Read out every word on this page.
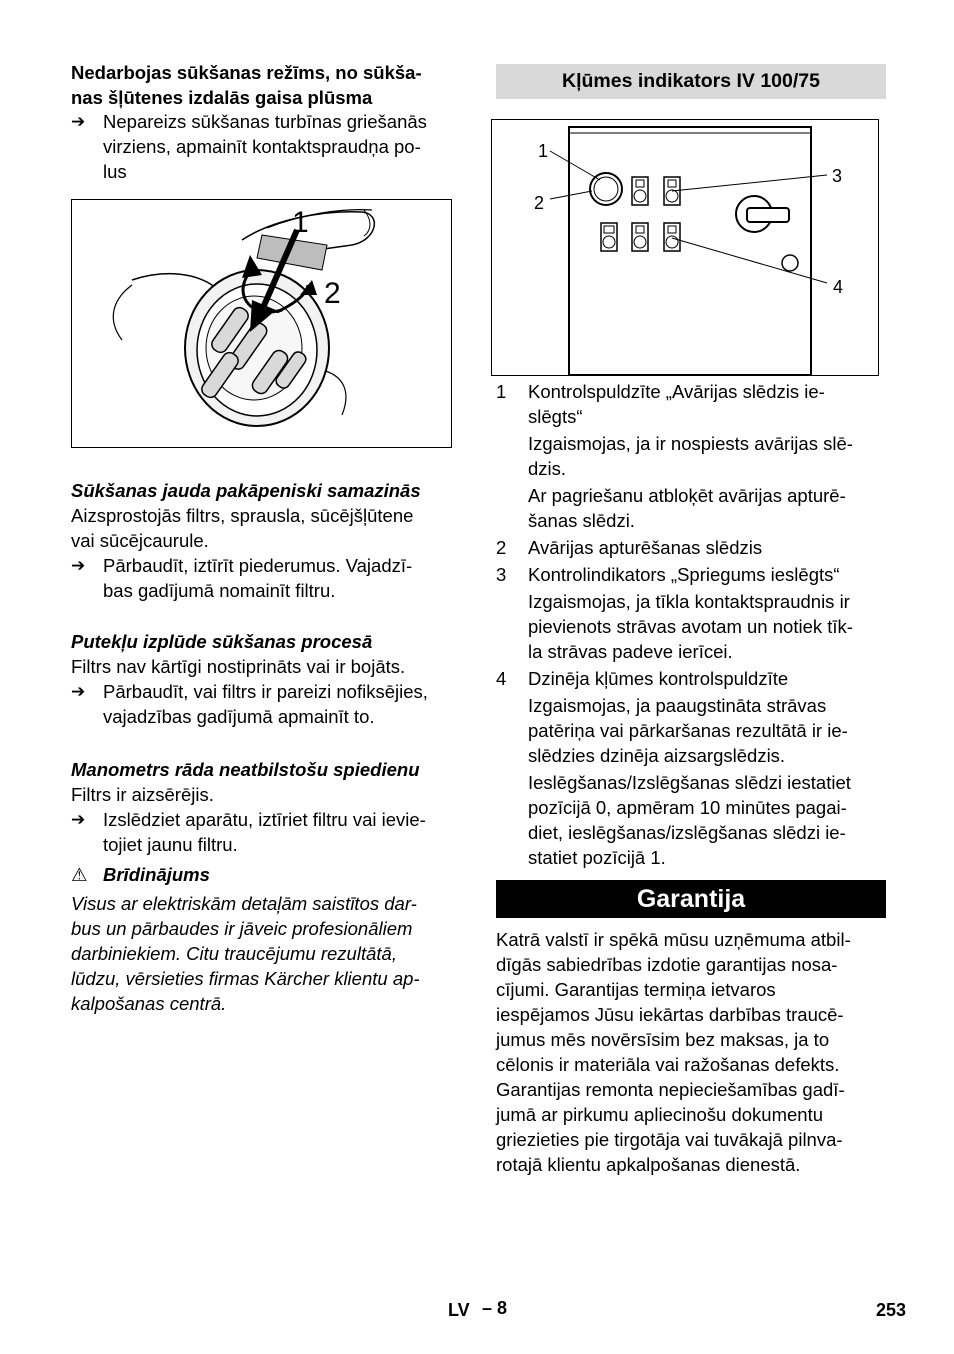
Nedarbojas sūkšanas režīms, no sūkša-
nas šļūtenes izdalās gaisa plūsma
➔ Nepareizs sūkšanas turbīnas griešanās
virziens, apmainīt kontaktspraudņa po-
lus
1
2
Sūkšanas jauda pakāpeniski samazinās
Aizsprostojās filtrs, sprausla, sūcējšļūtene
vai sūcējcaurule.
➔ Pārbaudīt, iztīrīt piederumus. Vajadzī-
bas gadījumā nomainīt filtru.
Putekļu izplūde sūkšanas procesā
Filtrs nav kārtīgi nostiprināts vai ir bojāts.
➔ Pārbaudīt, vai filtrs ir pareizi nofiksējies,
vajadzības gadījumā apmainīt to.
Manometrs rāda neatbilstošu spiedienu
Filtrs ir aizsērējis.
➔ Izslēdziet aparātu, iztīriet filtru vai ievie-
tojiet jaunu filtru.
⚠ Brīdinājums
Visus ar elektriskām detaļām saistītos dar-
bus un pārbaudes ir jāveic profesionāliem
darbiniekiem. Citu traucējumu rezultātā,
lūdzu, vērsieties firmas Kärcher klientu ap-
kalpošanas centrā.
Kļūmes indikators IV 100/75
1
2
3
4
1	Kontrolspuldzīte „Avārijas slēdzis ie-
slēgts“
Izgaismojas, ja ir nospiests avārijas slē-
dzis.
Ar pagriešanu atbloķēt avārijas apturē-
šanas slēdzi.
2	Avārijas apturēšanas slēdzis
3	Kontrolindikators „Spriegums ieslēgts“
Izgaismojas, ja tīkla kontaktspraudnis ir
pievienots strāvas avotam un notiek tīk-
la strāvas padeve ierīcei.
4	Dzinēja kļūmes kontrolspuldzīte
Izgaismojas, ja paaugstināta strāvas
patēriņa vai pārkaršanas rezultātā ir ie-
slēdzies dzinēja aizsargslēdzis.
Ieslēgšanas/Izslēgšanas slēdzi iestatiet
pozīcijā 0, apmēram 10 minūtes pagai-
diet, ieslēgšanas/izslēgšanas slēdzi ie-
statiet pozīcijā 1.
Garantija
Katrā valstī ir spēkā mūsu uzņēmuma atbil-
dīgās sabiedrības izdotie garantijas nosa-
cījumi. Garantijas termiņa ietvaros
iespējamos Jūsu iekārtas darbības traucē-
jumus mēs novērsīsim bez maksas, ja to
cēlonis ir materiāla vai ražošanas defekts.
Garantijas remonta nepieciešamības gadī-
jumā ar pirkumu apliecinošu dokumentu
griezieties pie tirgotāja vai tuvākajā pilnva-
rotajā klientu apkalpošanas dienestā.
LV – 8	253
